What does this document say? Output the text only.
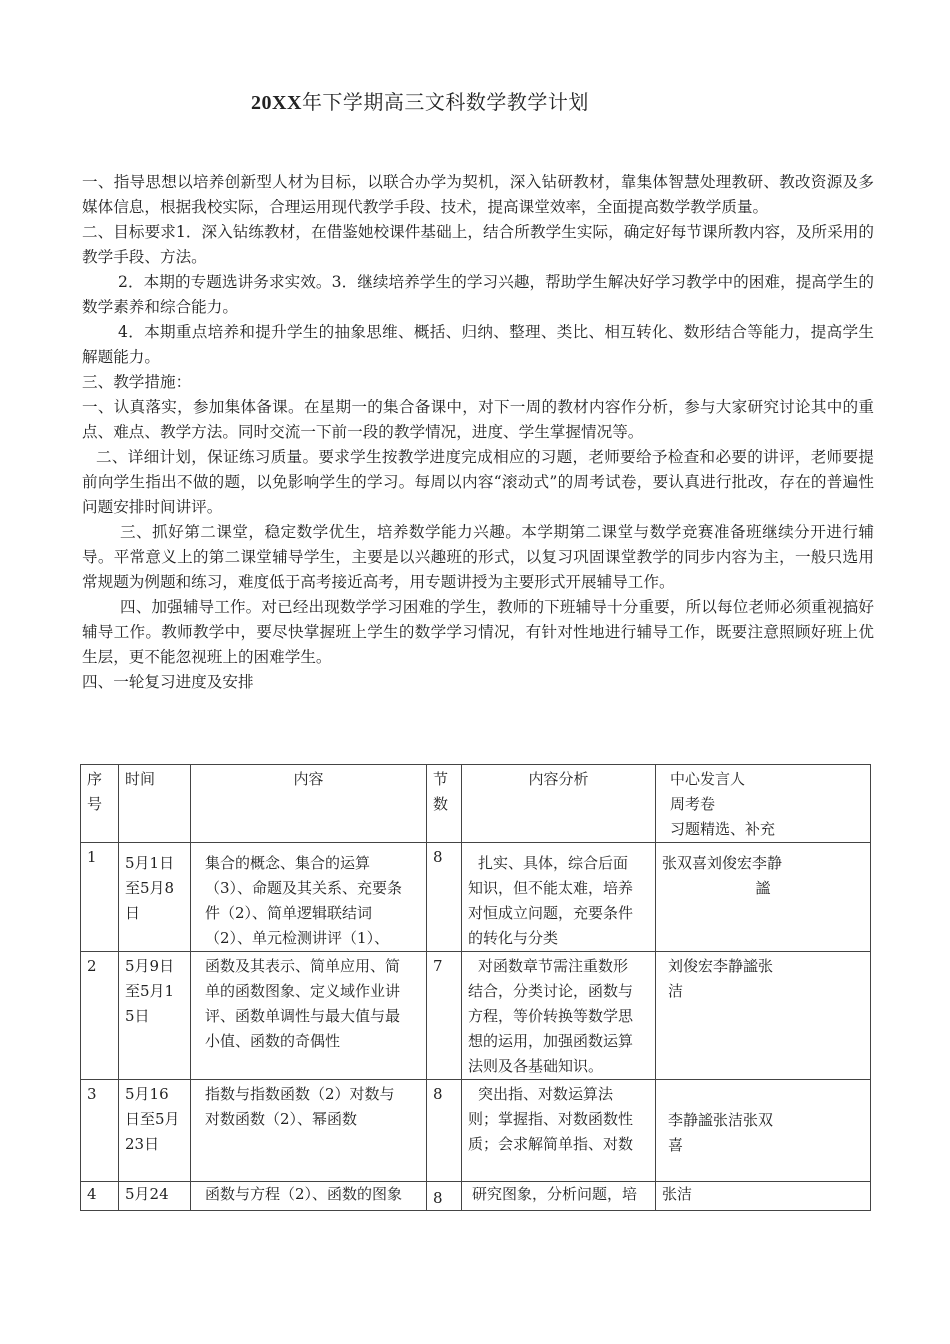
20XX年下学期高三文科数学教学计划

一、指导思想以培养创新型人材为目标，以联合办学为契机，深入钻研教材，靠集体智慧处理教研、教改资源及多媒体信息，根据我校实际，合理运用现代教学手段、技术，提高课堂效率，全面提高数学教学质量。

二、目标要求1．深入钻练教材，在借鉴她校课件基础上，结合所教学生实际，确定好每节课所教内容，及所采用的教学手段、方法。

2．本期的专题选讲务求实效。3．继续培养学生的学习兴趣，帮助学生解决好学习教学中的困难，提高学生的数学素养和综合能力。

4．本期重点培养和提升学生的抽象思维、概括、归纳、整理、类比、相互转化、数形结合等能力，提高学生解题能力。

三、教学措施：

一、认真落实，参加集体备课。在星期一的集合备课中，对下一周的教材内容作分析，参与大家研究讨论其中的重点、难点、教学方法。同时交流一下前一段的教学情况，进度、学生掌握情况等。

二、详细计划，保证练习质量。要求学生按教学进度完成相应的习题，老师要给予检查和必要的讲评，老师要提前向学生指出不做的题，以免影响学生的学习。每周以内容“滚动式”的周考试卷，要认真进行批改，存在的普遍性问题安排时间讲评。

三、抓好第二课堂，稳定数学优生，培养数学能力兴趣。本学期第二课堂与数学竞赛准备班继续分开进行辅导。平常意义上的第二课堂辅导学生，主要是以兴趣班的形式，以复习巩固课堂教学的同步内容为主，一般只选用常规题为例题和练习，难度低于高考接近高考，用专题讲授为主要形式开展辅导工作。

四、加强辅导工作。对已经出现数学学习困难的学生，教师的下班辅导十分重要，所以每位老师必须重视搞好辅导工作。教师教学中，要尽快掌握班上学生的数学学习情况，有针对性地进行辅导工作，既要注意照顾好班上优生层，更不能忽视班上的困难学生。

四、一轮复习进度及安排

序
号	时间	内容	节数	内容分析	中心发言人
周考卷
习题精选、补充

1	5月1日
至5月8
日	集合的概念、集合的运算
（3）、命题及其关系、充要条
件（2）、简单逻辑联结词
（2）、单元检测讲评（1）、	8	扎实、具体，综合后面
知识，但不能太难，培养
对恒成立问题，充要条件
的转化与分类	张双喜刘俊宏李静
謐

2	5月9日
至5月1
5日	函数及其表示、简单应用、简
单的函数图象、定义域作业讲
评、函数单调性与最大值与最
小值、函数的奇偶性	7	对函数章节需注重数形
结合，分类讨论，函数与
方程，等价转换等数学思
想的运用，加强函数运算
法则及各基础知识。	刘俊宏李静謐张
洁

3	5月16
日至5月
23日	指数与指数函数（2）对数与
对数函数（2）、幂函数	8	突出指、对数运算法
则；掌握指、对数函数性
质；会求解简单指、对数	李静謐张洁张双
喜

4	5月24	函数与方程（2）、函数的图象	8	研究图象，分析问题，培	张洁
